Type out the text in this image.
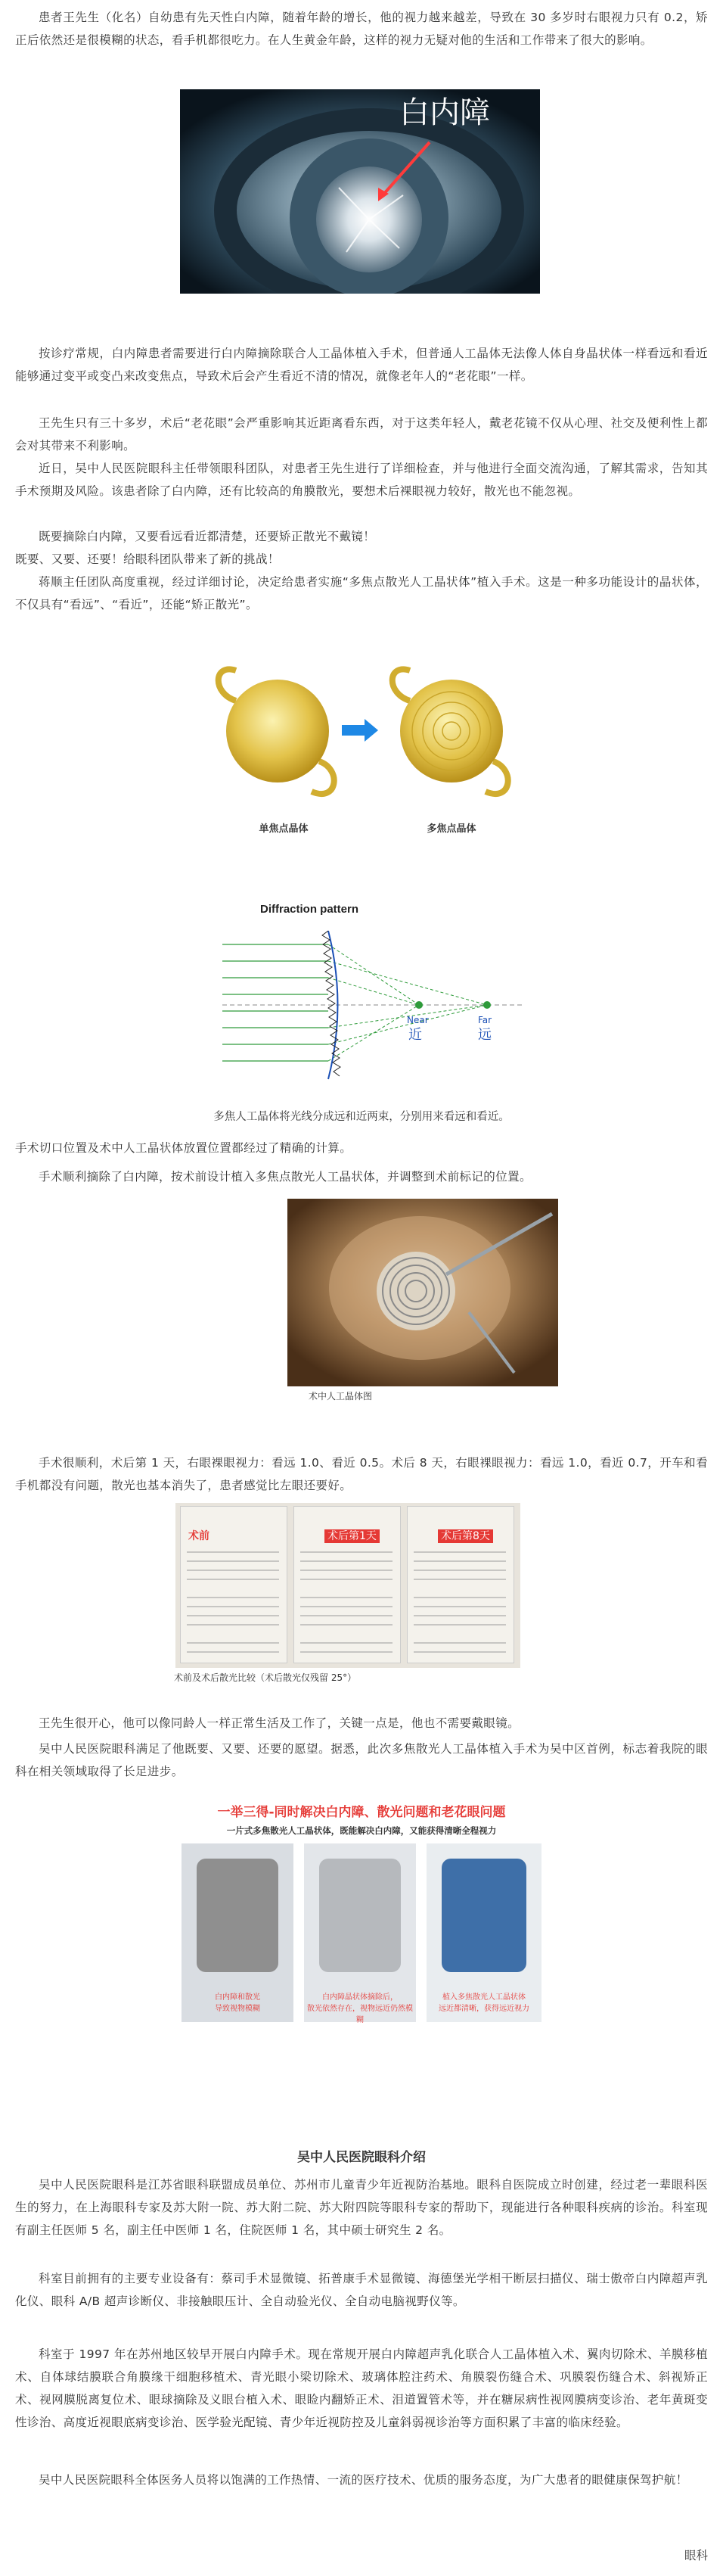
患者王先生（化名）自幼患有先天性白内障，随着年龄的增长，他的视力越来越差，导致在 30 多岁时右眼视力只有 0.2，矫正后依然还是很模糊的状态，看手机都很吃力。在人生黄金年龄，这样的视力无疑对他的生活和工作带来了很大的影响。

白内障

按诊疗常规，白内障患者需要进行白内障摘除联合人工晶体植入手术，但普通人工晶体无法像人体自身晶状体一样看远和看近能够通过变平或变凸来改变焦点，导致术后会产生看近不清的情况，就像老年人的“老花眼”一样。

王先生只有三十多岁，术后“老花眼”会严重影响其近距离看东西，对于这类年轻人，戴老花镜不仅从心理、社交及便利性上都会对其带来不利影响。

近日，吴中人民医院眼科主任带领眼科团队，对患者王先生进行了详细检查，并与他进行全面交流沟通，了解其需求，告知其手术预期及风险。该患者除了白内障，还有比较高的角膜散光，要想术后裸眼视力较好，散光也不能忽视。

既要摘除白内障，又要看远看近都清楚，还要矫正散光不戴镜！

既要、又要、还要！给眼科团队带来了新的挑战！

蒋顺主任团队高度重视，经过详细讨论，决定给患者实施“多焦点散光人工晶状体”植入手术。这是一种多功能设计的晶状体，不仅具有“看远”、“看近”，还能“矫正散光”。

单焦点晶体	多焦点晶体
Diffraction pattern
Near
近
Far
远
多焦人工晶体将光线分成远和近两束，分别用来看远和看近。

手术切口位置及术中人工晶状体放置位置都经过了精确的计算。

手术顺利摘除了白内障，按术前设计植入多焦点散光人工晶状体，并调整到术前标记的位置。

术中人工晶体图

手术很顺利，术后第 1 天，右眼裸眼视力：看远 1.0、看近 0.5。术后 8 天，右眼裸眼视力：看远 1.0，看近 0.7，开车和看手机都没有问题，散光也基本消失了，患者感觉比左眼还要好。

术前	术后第1天	术后第8天
术前及术后散光比较（术后散光仅残留 25°）

王先生很开心，他可以像同龄人一样正常生活及工作了，关键一点是，他也不需要戴眼镜。

吴中人民医院眼科满足了他既要、又要、还要的愿望。据悉，此次多焦散光人工晶体植入手术为吴中区首例，标志着我院的眼科在相关领域取得了长足进步。

一举三得-同时解决白内障、散光问题和老花眼问题
一片式多焦散光人工晶状体，既能解决白内障，又能获得清晰全程视力
白内障和散光
导致视物模糊
白内障晶状体摘除后，
散光依然存在，视物远近仍然模糊
植入多焦散光人工晶状体
远近都清晰，获得远近视力
吴中人民医院眼科介绍

吴中人民医院眼科是江苏省眼科联盟成员单位、苏州市儿童青少年近视防治基地。眼科自医院成立时创建，经过老一辈眼科医生的努力，在上海眼科专家及苏大附一院、苏大附二院、苏大附四院等眼科专家的帮助下，现能进行各种眼科疾病的诊治。科室现有副主任医师 5 名，副主任中医师 1 名，住院医师 1 名，其中硕士研究生 2 名。

科室目前拥有的主要专业设备有：蔡司手术显微镜、拓普康手术显微镜、海德堡光学相干断层扫描仪、瑞士傲帝白内障超声乳化仪、眼科 A/B 超声诊断仪、非接触眼压计、全自动验光仪、全自动电脑视野仪等。

科室于 1997 年在苏州地区较早开展白内障手术。现在常规开展白内障超声乳化联合人工晶体植入术、翼肉切除术、羊膜移植术、自体球结膜联合角膜缘干细胞移植术、青光眼小梁切除术、玻璃体腔注药术、角膜裂伤缝合术、巩膜裂伤缝合术、斜视矫正术、视网膜脱离复位术、眼球摘除及义眼台植入术、眼睑内翻矫正术、泪道置管术等，并在糖尿病性视网膜病变诊治、老年黄斑变性诊治、高度近视眼底病变诊治、医学验光配镜、青少年近视防控及儿童斜弱视诊治等方面积累了丰富的临床经验。

吴中人民医院眼科全体医务人员将以饱满的工作热情、一流的医疗技术、优质的服务态度，为广大患者的眼健康保驾护航！

眼科
